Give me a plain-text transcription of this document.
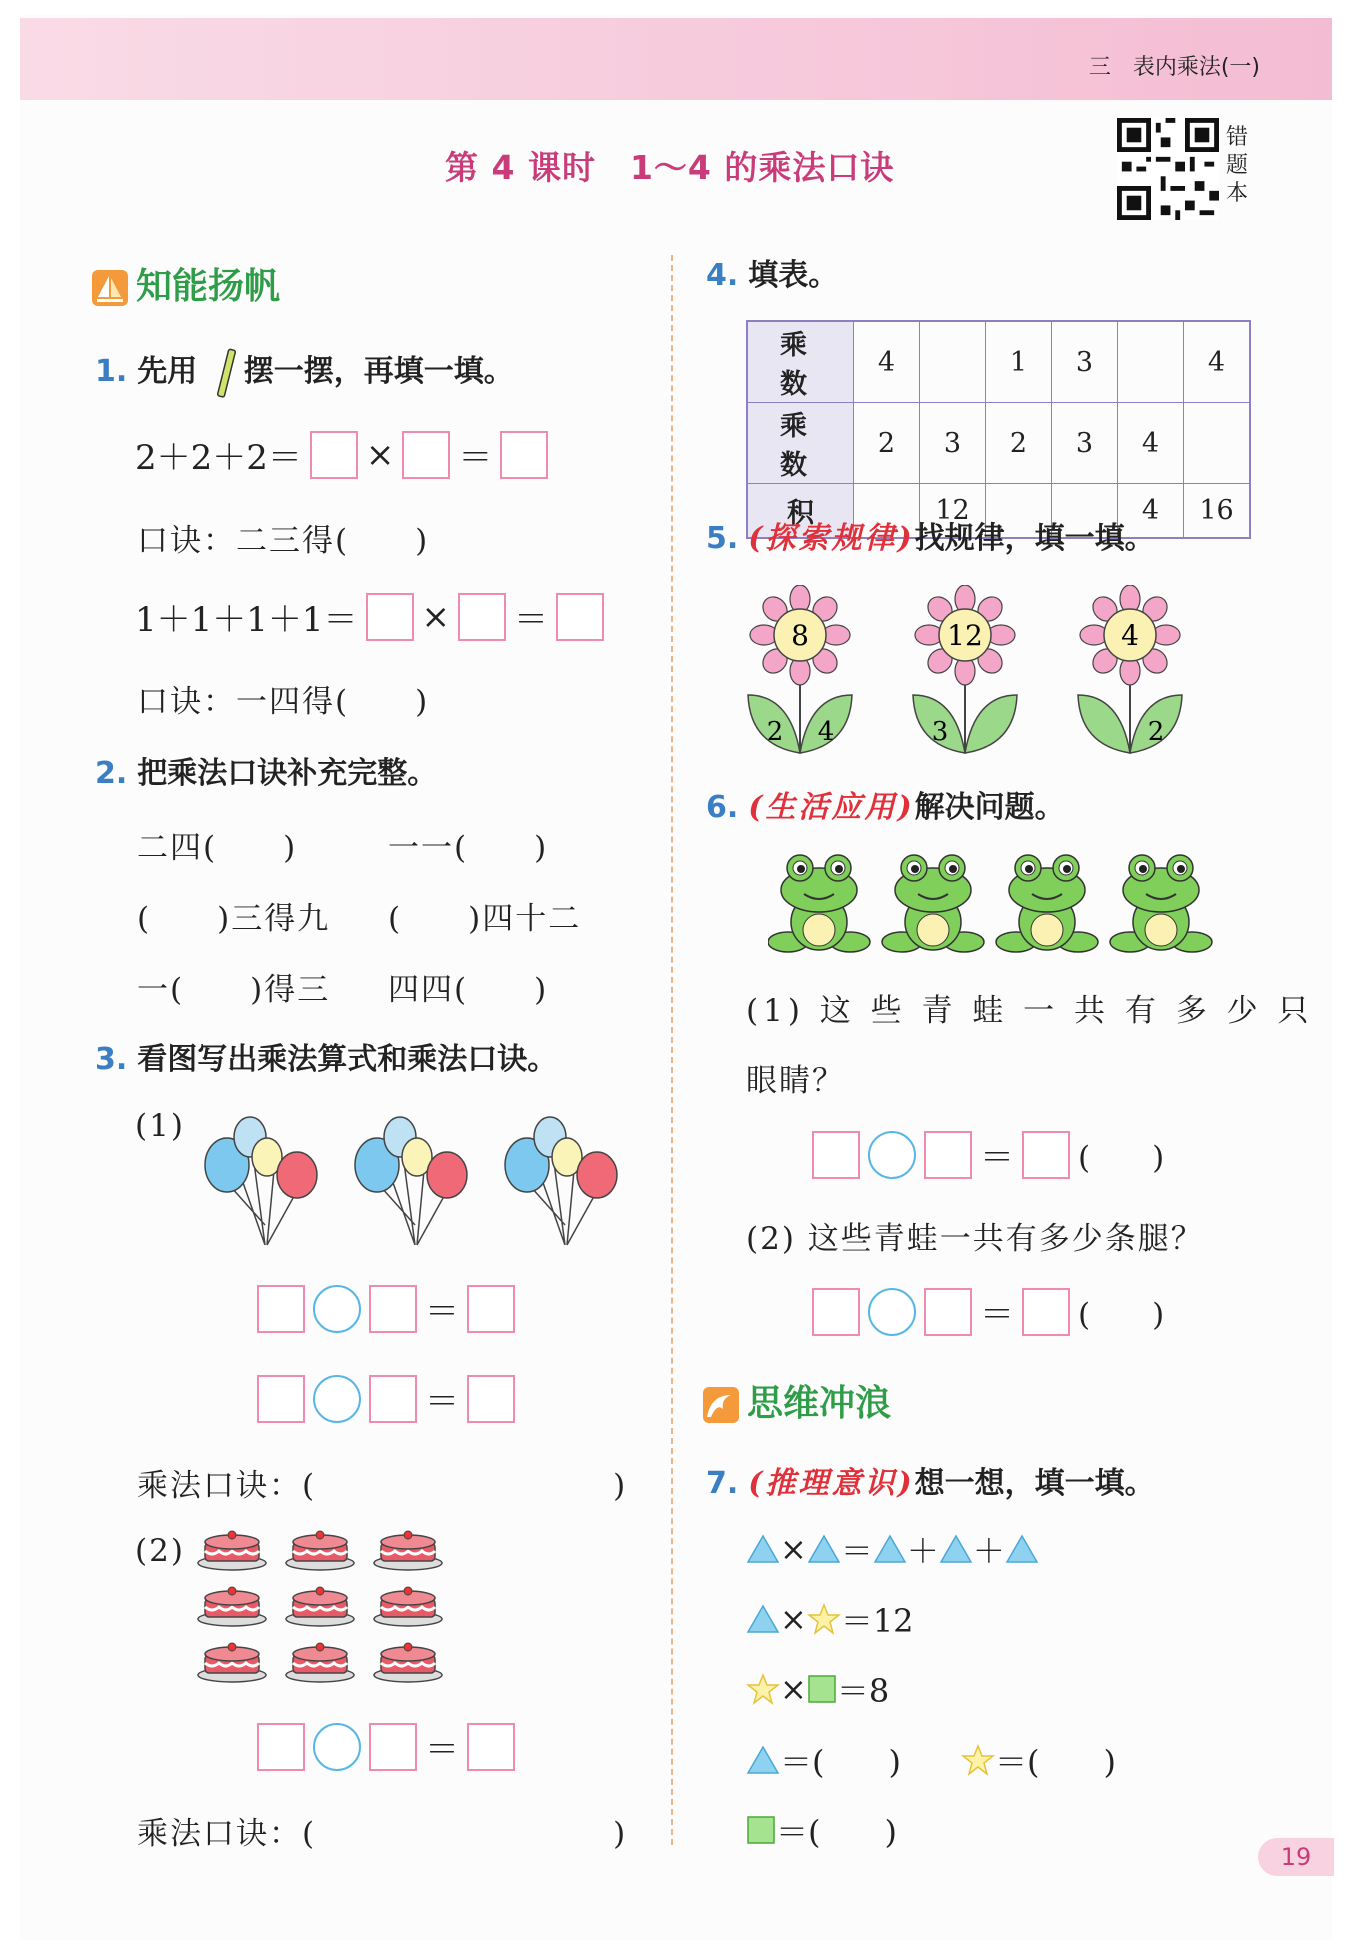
三　表内乘法(一)
第 4 课时　1～4 的乘法口诀
错题本
知能扬帆
1. 先用 摆一摆，再填一填。
2＋2＋2＝ × ＝
口诀：二三得(　　)
1＋1＋1＋1＝ × ＝
口诀：一四得(　　)
2. 把乘法口诀补充完整。
二四(　　)	一一(　　)
(　　)三得九 (　　)四十二
一(　　)得三 四四(　　)
3. 看图写出乘法算式和乘法口诀。
(1)
＝
＝
乘法口诀：(　　　　　　　　　)
(2)
＝
乘法口诀：(　　　　　　　　　)
4. 填表。
乘　数	4		1	3		4
乘　数	2	3	2	3	4	
积		12			4	16
5. (探索规律)找规律，填一填。
8
2 4
12
3
4
2
6. (生活应用)解决问题。
(1) 这 些 青 蛙 一 共 有 多 少 只
眼睛？
＝ (　　)
(2) 这些青蛙一共有多少条腿？
＝ (　　)
思维冲浪
7. (推理意识)想一想，填一填。
× ＝ ＋ ＋
× ＝12
× ＝8
＝(　　)	＝(　　)
＝(　　)
19
